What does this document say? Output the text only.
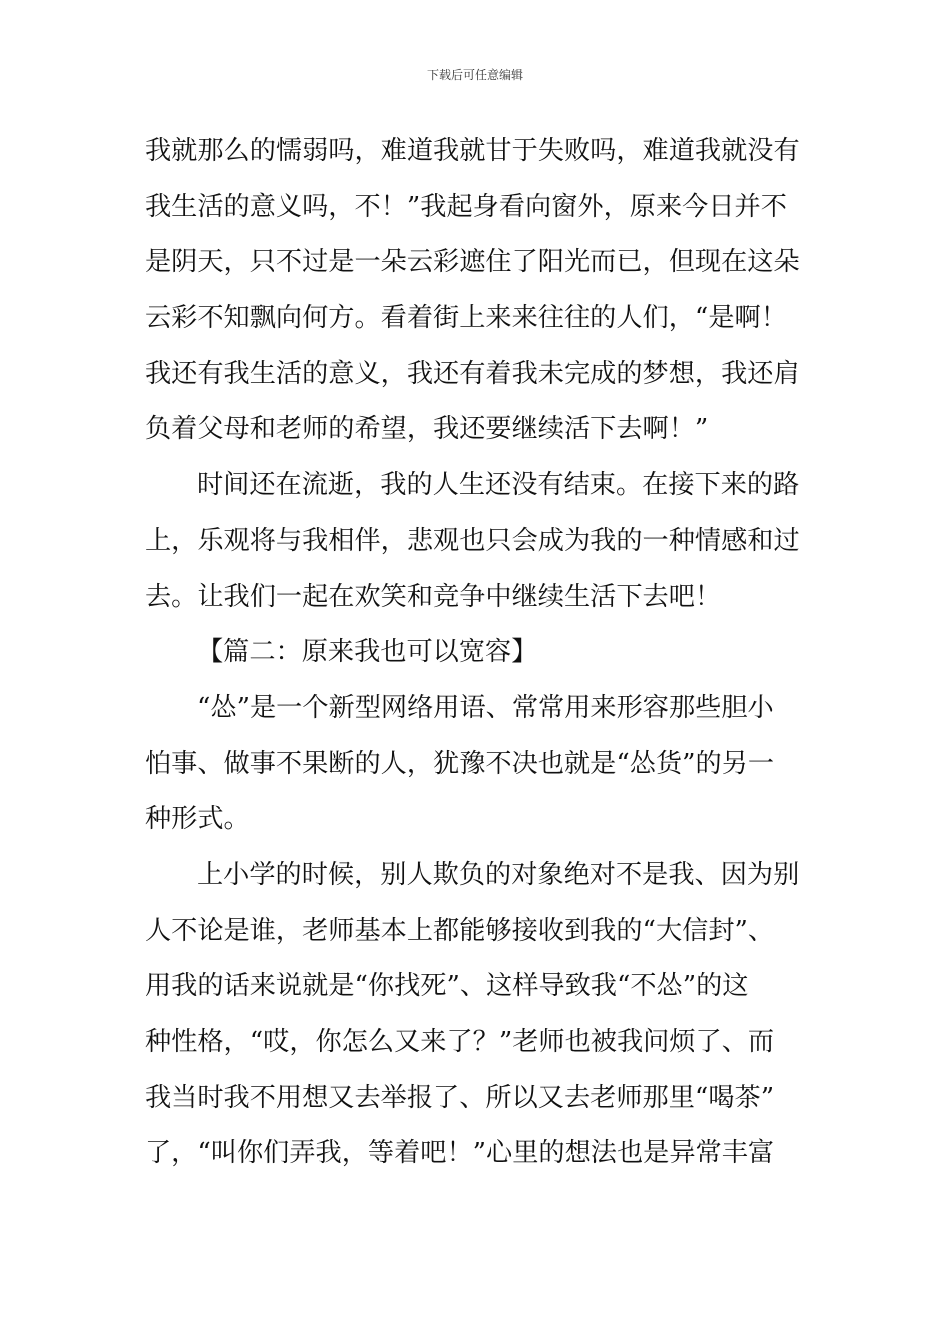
下载后可任意编辑
我就那么的懦弱吗，难道我就甘于失败吗，难道我就没有
我生活的意义吗，不！”我起身看向窗外，原来今日并不
是阴天，只不过是一朵云彩遮住了阳光而已，但现在这朵
云彩不知飘向何方。看着街上来来往往的人们，“是啊！
我还有我生活的意义，我还有着我未完成的梦想，我还肩
负着父母和老师的希望，我还要继续活下去啊！”
时间还在流逝，我的人生还没有结束。在接下来的路
上，乐观将与我相伴，悲观也只会成为我的一种情感和过
去。让我们一起在欢笑和竞争中继续生活下去吧！
【篇二：原来我也可以宽容】
“怂”是一个新型网络用语、常常用来形容那些胆小
怕事、做事不果断的人，犹豫不决也就是“怂货”的另一
种形式。
上小学的时候，别人欺负的对象绝对不是我、因为别
人不论是谁，老师基本上都能够接收到我的“大信封”、
用我的话来说就是“你找死”、这样导致我“不怂”的这
种性格，“哎，你怎么又来了？”老师也被我问烦了、而
我当时我不用想又去举报了、所以又去老师那里“喝茶”
了，“叫你们弄我，等着吧！”心里的想法也是异常丰富
